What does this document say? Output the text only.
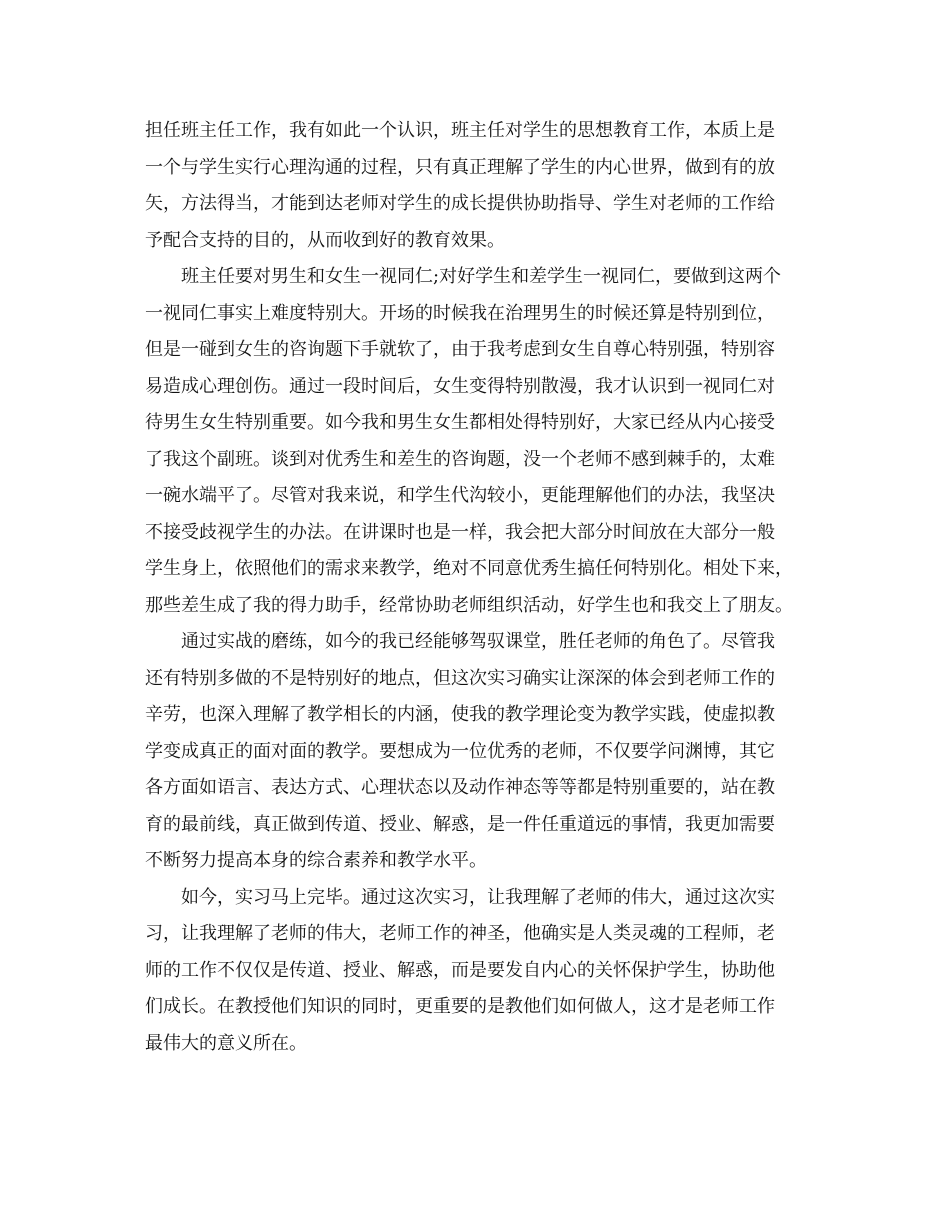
担任班主任工作，我有如此一个认识，班主任对学生的思想教育工作，本质上是
一个与学生实行心理沟通的过程，只有真正理解了学生的内心世界，做到有的放
矢，方法得当，才能到达老师对学生的成长提供协助指导、学生对老师的工作给
予配合支持的目的，从而收到好的教育效果。

班主任要对男生和女生一视同仁;对好学生和差学生一视同仁，要做到这两个
一视同仁事实上难度特别大。开场的时候我在治理男生的时候还算是特别到位，
但是一碰到女生的咨询题下手就软了，由于我考虑到女生自尊心特别强，特别容
易造成心理创伤。通过一段时间后，女生变得特别散漫，我才认识到一视同仁对
待男生女生特别重要。如今我和男生女生都相处得特别好，大家已经从内心接受
了我这个副班。谈到对优秀生和差生的咨询题，没一个老师不感到棘手的，太难
一碗水端平了。尽管对我来说，和学生代沟较小，更能理解他们的办法，我坚决
不接受歧视学生的办法。在讲课时也是一样，我会把大部分时间放在大部分一般
学生身上，依照他们的需求来教学，绝对不同意优秀生搞任何特别化。相处下来，
那些差生成了我的得力助手，经常协助老师组织活动，好学生也和我交上了朋友。

通过实战的磨练，如今的我已经能够驾驭课堂，胜任老师的角色了。尽管我
还有特别多做的不是特别好的地点，但这次实习确实让深深的体会到老师工作的
辛劳，也深入理解了教学相长的内涵，使我的教学理论变为教学实践，使虚拟教
学变成真正的面对面的教学。要想成为一位优秀的老师，不仅要学问渊博，其它
各方面如语言、表达方式、心理状态以及动作神态等等都是特别重要的，站在教
育的最前线，真正做到传道、授业、解惑，是一件任重道远的事情，我更加需要
不断努力提高本身的综合素养和教学水平。

如今，实习马上完毕。通过这次实习，让我理解了老师的伟大，通过这次实
习，让我理解了老师的伟大，老师工作的神圣，他确实是人类灵魂的工程师，老
师的工作不仅仅是传道、授业、解惑，而是要发自内心的关怀保护学生，协助他
们成长。在教授他们知识的同时，更重要的是教他们如何做人，这才是老师工作
最伟大的意义所在。
